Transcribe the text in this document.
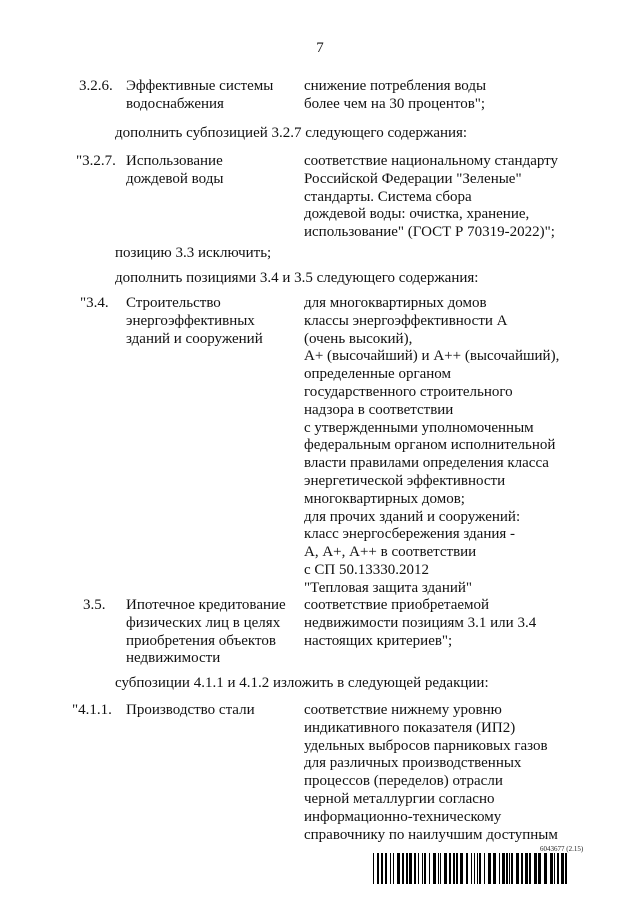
7
3.2.6. Эффективные системы
водоснабжения
снижение потребления воды
более чем на 30 процентов";
дополнить субпозицией 3.2.7 следующего содержания:
"3.2.7. Использование
дождевой воды
соответствие национальному стандарту
Российской Федерации "Зеленые"
стандарты. Система сбора
дождевой воды: очистка, хранение,
использование" (ГОСТ Р 70319-2022)";
позицию 3.3 исключить;
дополнить позициями 3.4 и 3.5 следующего содержания:
"3.4. Строительство
энергоэффективных
зданий и сооружений
для многоквартирных домов
классы энергоэффективности А
(очень высокий),
А+ (высочайший) и А++ (высочайший),
определенные органом
государственного строительного
надзора в соответствии
с утвержденными уполномоченным
федеральным органом исполнительной
власти правилами определения класса
энергетической эффективности
многоквартирных домов;
для прочих зданий и сооружений:
класс энергосбережения здания -
А, А+, А++ в соответствии
с СП 50.13330.2012
"Тепловая защита зданий"
3.5. Ипотечное кредитование
физических лиц в целях
приобретения объектов
недвижимости
соответствие приобретаемой
недвижимости позициям 3.1 или 3.4
настоящих критериев";
субпозиции 4.1.1 и 4.1.2 изложить в следующей редакции:
"4.1.1. Производство стали	соответствие нижнему уровню
индикативного показателя (ИП2)
удельных выбросов парниковых газов
для различных производственных
процессов (переделов) отрасли
черной металлургии согласно
информационно-техническому
справочнику по наилучшим доступным
6043677 (2.15)
